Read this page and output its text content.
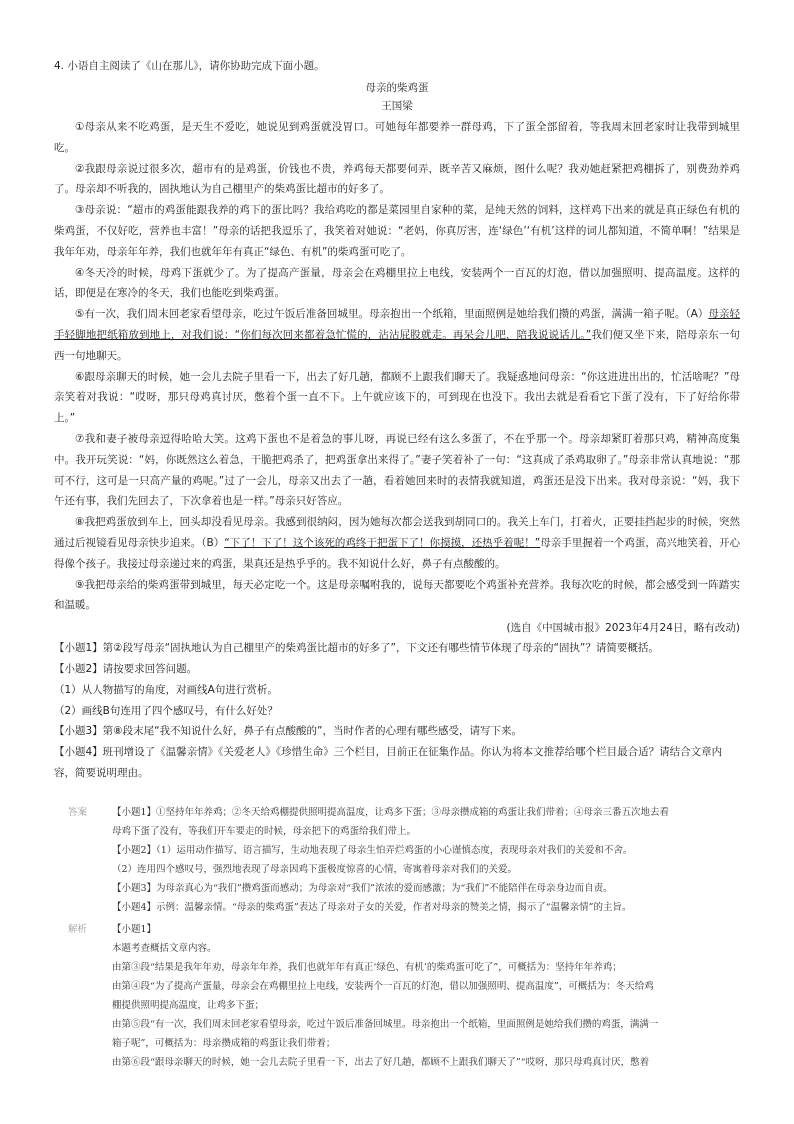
4. 小语自主阅读了《山在那儿》，请你协助完成下面小题。
母亲的柴鸡蛋
王国梁

①母亲从来不吃鸡蛋，是天生不爱吃，她说见到鸡蛋就没胃口。可她每年都要养一群母鸡，下了蛋全部留着，等我周末回老家时让我带到城里吃。

②我跟母亲说过很多次，超市有的是鸡蛋，价钱也不贵，养鸡每天都要伺弄，既辛苦又麻烦，图什么呢？我劝她赶紧把鸡棚拆了，别费劲养鸡了。母亲却不听我的，固执地认为自己棚里产的柴鸡蛋比超市的好多了。

③母亲说：“超市的鸡蛋能跟我养的鸡下的蛋比吗？我给鸡吃的都是菜园里自家种的菜，是纯天然的饲料，这样鸡下出来的就是真正绿色有机的柴鸡蛋，不仅好吃，营养也丰富！”母亲的话把我逗乐了，我笑着对她说：“老妈，你真厉害，连‘绿色’‘有机’这样的词儿都知道，不简单啊！”结果是我年年劝，母亲年年养，我们也就年年有真正“绿色、有机”的柴鸡蛋可吃了。

④冬天冷的时候，母鸡下蛋就少了。为了提高产蛋量，母亲会在鸡棚里拉上电线，安装两个一百瓦的灯泡，借以加强照明、提高温度。这样的话，即便是在寒冷的冬天，我们也能吃到柴鸡蛋。

⑤有一次，我们周末回老家看望母亲，吃过午饭后准备回城里。母亲抱出一个纸箱，里面照例是她给我们攒的鸡蛋，满满一箱子呢。（A）母亲轻手轻脚地把纸箱放到地上，对我们说：“你们每次回来都着急忙慌的，沾沾屁股就走。再呆会儿吧，陪我说说话儿。”我们便又坐下来，陪母亲东一句西一句地聊天。

⑥跟母亲聊天的时候，她一会儿去院子里看一下，出去了好几趟，都顾不上跟我们聊天了。我疑惑地问母亲：“你这进进出出的，忙活啥呢？”母亲笑着对我说：“哎呀，那只母鸡真讨厌，憋着个蛋一直不下。上午就应该下的，可到现在也没下。我出去就是看看它下蛋了没有，下了好给你带上。”

⑦我和妻子被母亲逗得哈哈大笑。这鸡下蛋也不是着急的事儿呀，再说已经有这么多蛋了，不在乎那一个。母亲却紧盯着那只鸡，精神高度集中。我开玩笑说：“妈，你既然这么着急，干脆把鸡杀了，把鸡蛋拿出来得了。”妻子笑着补了一句：“这真成了杀鸡取卵了。”母亲非常认真地说：“那可不行，这可是一只高产量的鸡呢。”过了一会儿，母亲又出去了一趟，看着她回来时的表情我就知道，鸡蛋还是没下出来。我对母亲说：“妈，我下午还有事，我们先回去了，下次拿着也是一样。”母亲只好答应。

⑧我把鸡蛋放到车上，回头却没看见母亲。我感到很纳闷，因为她每次都会送我到胡同口的。我关上车门，打着火，正要挂挡起步的时候，突然通过后视镜看见母亲快步追来。（B）“下了！下了！这个该死的鸡终于把蛋下了！你摸摸，还热乎着呢！”母亲手里握着一个鸡蛋，高兴地笑着，开心得像个孩子。我接过母亲递过来的鸡蛋，果真还是热乎乎的。我不知说什么好，鼻子有点酸酸的。

⑨我把母亲给的柴鸡蛋带到城里，每天必定吃一个。这是母亲嘱咐我的，说每天都要吃个鸡蛋补充营养。我每次吃的时候，都会感受到一阵踏实和温暖。

(选自《中国城市报》2023年4月24日，略有改动)

【小题1】第②段写母亲“固执地认为自己棚里产的柴鸡蛋比超市的好多了”，下文还有哪些情节体现了母亲的“固执”？请简要概括。

【小题2】请按要求回答问题。

（1）从人物描写的角度，对画线A句进行赏析。

（2）画线B句连用了四个感叹号，有什么好处？

【小题3】第⑧段末尾“我不知说什么好，鼻子有点酸酸的”，当时作者的心理有哪些感受，请写下来。

【小题4】班刊增设了《温馨亲情》《关爱老人》《珍惜生命》三个栏目，目前正在征集作品。你认为将本文推荐给哪个栏目最合适？请结合文章内容，简要说明理由。

答案	【小题1】①坚持年年养鸡；②冬天给鸡棚提供照明提高温度，让鸡多下蛋；③母亲攒成箱的鸡蛋让我们带着；④母亲三番五次地去看

母鸡下蛋了没有，等我们开车要走的时候，母亲把下的鸡蛋给我们带上。

【小题2】（1）运用动作描写、语言描写，生动地表现了母亲生怕弄烂鸡蛋的小心谨慎态度，表现母亲对我们的关爱和不舍。

（2）连用四个感叹号，强烈地表现了母亲因鸡下蛋极度惊喜的心情，寄寓着母亲对我们的关爱。

【小题3】为母亲真心为“我们”攒鸡蛋而感动；为母亲对“我们”浓浓的爱而感激；为“我们”不能陪伴在母亲身边而自责。

【小题4】示例：温馨亲情。“母亲的柴鸡蛋”表达了母亲对子女的关爱，作者对母亲的赞美之情，揭示了“温馨亲情”的主旨。

解析	【小题1】

本题考查概括文章内容。

由第③段“结果是我年年劝，母亲年年养，我们也就年年有真正‘绿色、有机’的柴鸡蛋可吃了”，可概括为：坚持年年养鸡；

由第④段“为了提高产蛋量，母亲会在鸡棚里拉上电线，安装两个一百瓦的灯泡，借以加强照明、提高温度”，可概括为：冬天给鸡

棚提供照明提高温度，让鸡多下蛋；

由第⑤段“有一次，我们周末回老家看望母亲，吃过午饭后准备回城里。母亲抱出一个纸箱，里面照例是她给我们攒的鸡蛋，满满一

箱子呢”，可概括为：母亲攒成箱的鸡蛋让我们带着；

由第⑥段“跟母亲聊天的时候，她一会儿去院子里看一下，出去了好几趟，都顾不上跟我们聊天了”“哎呀，那只母鸡真讨厌，憋着
